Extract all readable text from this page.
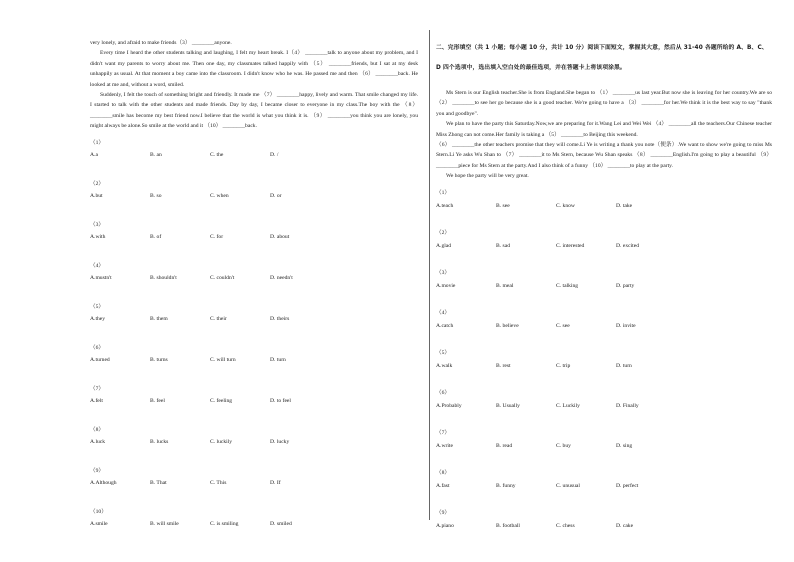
very lonely, and afraid to make friends（3） ________anyone.

Every time I heard the other students talking and laughing, I felt my heart break. I（4） ________talk to anyone about my problem, and I didn't want my parents to worry about me. Then one day, my classmates talked happily with （5） ________friends, but I sat at my desk unhappily as usual. At that moment a boy came into the classroom. I didn't know who he was. He passed me and then （6） ________back. He looked at me and, without a word, smiled.

Suddenly, I felt the touch of something bright and friendly. It made me （7） ________happy, lively and warm. That smile changed my life. I started to talk with the other students and made friends. Day by day, I became closer to everyone in my class.The boy with the （8） ________smile has become my best friend now.I believe that the world is what you think it is. （9） ________you think you are lonely, you might always be alone.So smile at the world and it （10） ________back.

（1）
A.a	B. an	C. the	D. /
（2）
A.but	B. so	C. when	D. or
（3）
A.with	B. of	C. for	D. about
（4）
A.mustn't	B. shouldn't	C. couldn't	D. needn't
（5）
A.they	B. them	C. their	D. theirs
（6）
A.turned	B. turns	C. will turn	D. turn
（7）
A.felt	B. feel	C. feeling	D. to feel
（8）
A.luck	B. lucks	C. luckily	D. lucky
（9）
A.Although	B. That	C. This	D. If
（10）
A.smile	B. will smile	C. is smiling	D. smiled
二、完形填空（共 1 小题；每小题 10 分，共计 10 分）阅读下面短文，掌握其大意，然后从 31-40 各题所给的 A、B、C、D 四个选项中，选出填入空白处的最佳选项，并在答题卡上将该项涂黑。

Ms Stern is our English teacher.She is from England.She began to （1） ________us last year.But now she is leaving for her country.We are so （2） ________to see her go because she is a good teacher. We're going to have a （3） ________for her.We think it is the best way to say "thank you and goodbye".

We plan to have the party this Saturday.Now,we are preparing for it.Wang Lei and Wei Wei （4） ________all the teachers.Our Chinese teacher Miss Zhong can not come.Her family is taking a （5） ________to Beijing this weekend.

（6） ________the other teachers promise that they will come.Li Ye is writing a thank you note（便条）.We want to show we're going to miss Ms Stern.Li Ye asks Wu Shan to （7） ________it to Ms Stern, because Wu Shan speaks （8） ________English.I'm going to play a beautiful （9） ________piece for Ms Stern at the party.And I also think of a funny （10） ________to play at the party.

We hope the party will be very great.

（1）
A.teach	B. see	C. know	D. take
（2）
A.glad	B. sad	C. interested	D. excited
（3）
A.movie	B. meal	C. talking	D. party
（4）
A.catch	B. believe	C. see	D. invite
（5）
A.walk	B. rest	C. trip	D. turn
（6）
A.Probably	B. Usually	C. Luckily	D. Finally
（7）
A.write	B. read	C. buy	D. sing
（8）
A.fast	B. funny	C. unusual	D. perfect
（9）
A.piano	B. football	C. chess	D. cake
